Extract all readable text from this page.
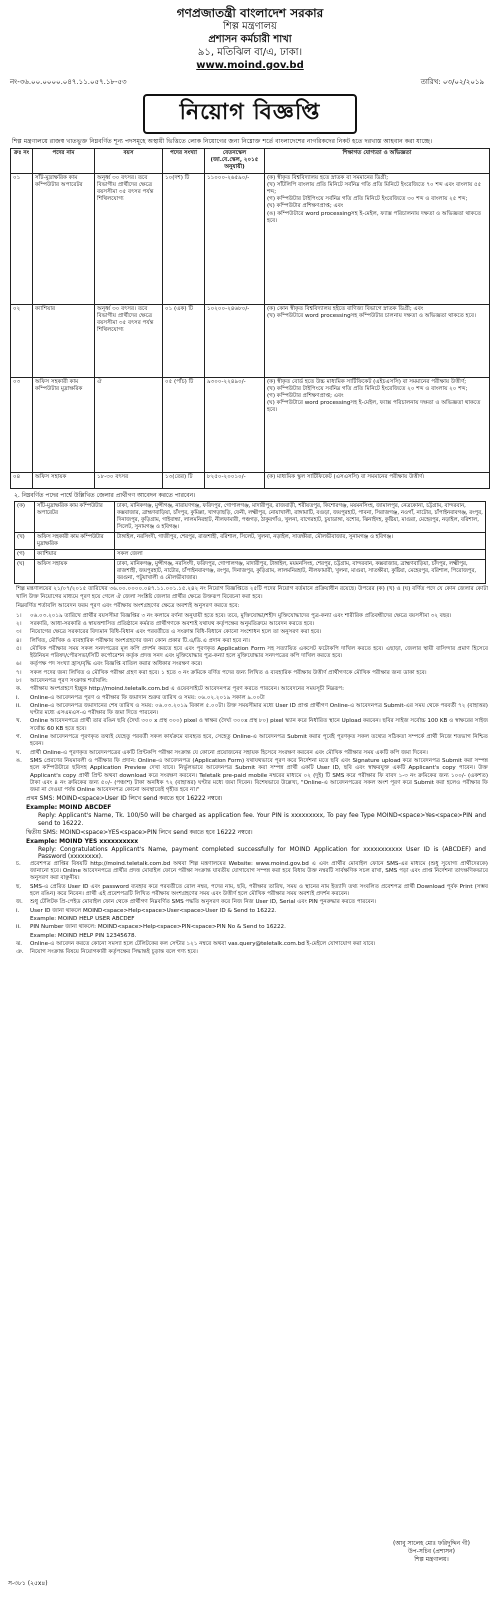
গণপ্রজাতন্ত্রী বাংলাদেশ সরকার
শিল্প মন্ত্রণালয়
প্রশাসন কর্মচারী শাখা
৯১, মতিঝিল বা/এ, ঢাকা।
www.moind.gov.bd
নং-৩৬.০০.০০০০.০৪৭.১১.০৫৭.১৮-৫৩	তারিখ: ০৩/০২/২০১৯
নিয়োগ বিজ্ঞপ্তি
শিল্প মন্ত্রণালয়ে রাজস্ব খাতভুক্ত নিম্নবর্ণিত শূন্য পদসমূহে অস্থায়ী ভিত্তিতে লোক নিয়োগের জন্য নিম্নোক্ত শর্তে বাংলাদেশের নাগরিকদের নিকট হতে দরখাস্ত আহবান করা যাচ্ছে।
ক্রঃ নং	পদের নাম	বয়স	পদের সংখ্যা	বেতনস্কেল (জা.বে.স্কেল, ২০১৫ অনুযায়ী)	শিক্ষাগত যোগ্যতা ও অভিজ্ঞতা
০১	সাঁট-মুদ্রাক্ষরিক কাম কম্পিউটার অপারেটর	অনূর্ধ্ব ৩০ বৎসর। তবে বিভাগীয় প্রার্থীদের ক্ষেত্রে বয়সসীমা ৩৫ বৎসর পর্যন্ত শিথিলযোগ্য	১০(দশ) টি	১১০০০-২৬৫৯০/-	(ক) স্বীকৃত বিশ্ববিদ্যালয় হতে স্নাতক বা সমমানের ডিগ্রী;
(খ) সাঁটলিপি বাংলায় প্রতি মিনিটে সর্বনিম্ন গতি প্রতি মিনিটে ইংরেজিতে ৭০ শব্দ এবং বাংলায় ৫৫ শব্দ;
(গ) কম্পিউটার টাইপিংয়ে সর্বনিম্ন গতি প্রতি মিনিটে ইংরেজিতে ৩০ শব্দ ও বাংলায় ২৫ শব্দ;
(ঘ) কম্পিউটার প্রশিক্ষণপ্রাপ্ত; এবং
(ঙ) কম্পিউটারে word processingসহ ই-মেইল, ফ্যাক্স পরিচালনায় দক্ষতা ও অভিজ্ঞতা থাকতে হবে।
০২	ক্যাশিয়ার	অনূর্ধ্ব ৩০ বৎসর। তবে বিভাগীয় প্রার্থীদের ক্ষেত্রে বয়সসীমা ৩৫ বৎসর পর্যন্ত শিথিলযোগ্য	০১ (এক) টি	১০২০০-২৪৬৮০/-	(ক) কোন স্বীকৃত বিশ্ববিদ্যালয় হইতে বাণিজ্য বিভাগে স্নাতক ডিগ্রী; এবং
(খ) কম্পিউটারে word processingসহ কম্পিউটার চালনায় দক্ষতা ও অভিজ্ঞতা থাকতে হবে।
০৩	অফিস সহকারী কাম কম্পিউটার মুদ্রাক্ষরিক	ঐ	০৫ (পাঁচ) টি	৯৩০০-২২৪৯০/-	(ক) স্বীকৃত বোর্ড হতে উচ্চ মাধ্যমিক সার্টিফিকেট (এইচএসসি) বা সমমানের পরীক্ষায় উত্তীর্ণ;
(খ) কম্পিউটার টাইপিংয়ে সর্বনিম্ন গতি প্রতি মিনিটে ইংরেজিতে ২০ শব্দ ও বাংলায় ২০ শব্দ;
(গ) কম্পিউটার প্রশিক্ষণপ্রাপ্ত; এবং
(ঘ) কম্পিউটারে word processingসহ ই-মেইল, ফ্যাক্স পরিচালনায় দক্ষতা ও অভিজ্ঞতা থাকতে হবে।
০৪	অফিস সহায়ক	১৮-৩০ বৎসর	১৩(তের) টি	৮২৫০-২০০১০/-	(ক) মাধ্যমিক স্কুল সার্টিফিকেট (এসএসসি) বা সমমানের পরীক্ষায় উত্তীর্ণ।
২. নিম্নবর্ণিত পদের পার্শ্বে উল্লিখিত জেলার প্রার্থীগণ আবেদন করতে পারবেন।
(ক)	সাঁট-মুদ্রাক্ষরিক কাম কম্পিউটার অপারেটর	ঢাকা, মানিকগঞ্জ, মুন্সীগঞ্জ, নারায়ণগঞ্জ, ফরিদপুর, গোপালগঞ্জ, মাদারীপুর, রাজবাড়ী, শরীয়তপুর, কিশোরগঞ্জ, ময়মনসিংহ, জামালপুর, নেত্রকোনা, চট্টগ্রাম, বান্দরবান, কক্সবাজার, ব্রাহ্মণবাড়িয়া, চাঁদপুর, কুমিল্লা, খাগড়াছড়ি, ফেনী, লক্ষ্মীপুর, নোয়াখালী, রাঙ্গামাটি, বগুড়া, জয়পুরহাট, পাবনা, সিরাজগঞ্জ, নওগাঁ, নাটোর, চাঁপাইনবাবগঞ্জ, রংপুর, দিনাজপুর, কুড়িগ্রাম, গাইবান্ধা, লালমনিরহাট, নীলফামারী, পঞ্চগড়, ঠাকুরগাঁও, খুলনা, বাগেরহাট, চুয়াডাঙ্গা, যশোর, ঝিনাইদহ, কুষ্টিয়া, মাগুরা, মেহেরপুর, নড়াইল, বরিশাল, সিলেট, সুনামগঞ্জ ও হবিগঞ্জ।
(খ)	অফিস সহকারী কাম কম্পিউটার মুদ্রাক্ষরিক	টাঙ্গাইল, নরসিংদী, গাজীপুর, শেরপুর, রাজশাহী, বরিশাল, সিলেট, খুলনা, নড়াইল, সাতক্ষীরা, মৌলভীবাজার, সুনামগঞ্জ ও হবিগঞ্জ।
(গ)	ক্যাশিয়ার	সকল জেলা
(ঘ)	অফিস সহায়ক	ঢাকা, মানিকগঞ্জ, মুন্সীগঞ্জ, নরসিংদী, ফরিদপুর, গোপালগঞ্জ, মাদারীপুর, টাঙ্গাইল, ময়মনসিংহ, শেরপুর, চট্টগ্রাম, বান্দরবান, কক্সবাজার, ব্রাহ্মণবাড়িয়া, চাঁদপুর, লক্ষ্মীপুর, রাজশাহী, জয়পুরহাট, নাটোর, চাঁপাইনবাবগঞ্জ, রংপুর, দিনাজপুর, কুড়িগ্রাম, লালমনিরহাট, নীলফামারী, খুলনা, মাগুরা, সাতক্ষীরা, কুষ্টিয়া, মেহেরপুর, বরিশাল, পিরোজপুর, বরগুনা, পটুয়াখালী ও মৌলভীবাজার।
শিল্প মন্ত্রণালয়ের ২১/০৭/২০১৫ তারিখের ৩৬.০০.০০০০.০৪৭.১১.০০১.১৫.২৪২ নং নিয়োগ বিজ্ঞপ্তিতে ২৫টি পদের নিয়োগ বর্তমানে প্রক্রিয়াধীন রয়েছে। উপরের (ক) (খ) ও (ঘ) বর্ণিত পদে যে কোন জেলার কোটা খালি উক্ত নিয়োগের মাধ্যমে পূরণ হয়ে গেলে ঐ জেলা সংশ্লিষ্ট জেলার প্রার্থীর ক্ষেত্রে উক্তরূপ বিবেচনা করা হবে।
নিম্নবর্ণিত শর্তাবলি আবেদন ফরম পূরণ এবং পরীক্ষায় অংশগ্রহণের ক্ষেত্রে অবশ্যই অনুসরণ করতে হবে:
১।	০৬.০৩.২০১৯ তারিখে প্রার্থীর বয়সসীমা বিজ্ঞপ্তির ৩ নং কলামে বর্ণনা অনুযায়ী হতে হবে। তবে, মুক্তিযোদ্ধা/শহীদ মুক্তিযোদ্ধাদের পুত্র-কন্যা এবং শারীরিক প্রতিবন্ধীদের ক্ষেত্রে বয়সসীমা ৩২ বছর।
২।	সরকারি, আধা-সরকারি ও স্বায়ত্তশাসিত প্রতিষ্ঠানে কর্মরত প্রার্থীগণকে অবশ্যই যথাযথ কর্তৃপক্ষের অনুমতিক্রমে আবেদন করতে হবে।
৩।	নিয়োগের ক্ষেত্রে সরকারের বিদ্যমান বিধি-বিধান এবং পরবর্তীতে এ সংক্রান্ত বিধি-বিধানে কোনো সংশোধন হলে তা অনুসরণ করা হবে।
৪।	লিখিত, মৌখিক ও ব্যবহারিক পরীক্ষায় অংশগ্রহণের জন্য কোন প্রকার টি.এ/ডি.এ প্রদান করা হবে না।
৫।	মৌখিক পরীক্ষার সময় সকল সনদপত্রের মূল কপি প্রদর্শন করতে হবে এবং পূরণকৃত Application Form সহ সত্যায়িত একসেট ফটোকপি দাখিল করতে হবে। এছাড়া, জেলার স্থায়ী বাসিন্দার প্রমাণ হিসেবে ইউনিয়ন পরিষদ/পৌরসভা/সিটি কর্পোরেশন কর্তৃক প্রদত্ত সনদ এবং মুক্তিযোদ্ধার পুত্র-কন্যা হলে মুক্তিযোদ্ধার সনদপত্রের কপি দাখিল করতে হবে।
৬।	কর্তৃপক্ষ পদ সংখ্যা হ্রাস/বৃদ্ধি এবং বিজ্ঞপ্তি বাতিল করার অধিকার সংরক্ষণ করে।
৭।	সকল পদের জন্য লিখিত ও মৌখিক পরীক্ষা গ্রহণ করা হবে। ১ হতে ৩ নং ক্রমিকে বর্ণিত পদের জন্য লিখিত ও ব্যবহারিক পরীক্ষায় উত্তীর্ণ প্রার্থীগণকে মৌখিক পরীক্ষার জন্য ডাকা হবে।
৮।	আবেদনপত্র পূরণ সংক্রান্ত শর্তাবলি:
ক.	পরীক্ষায় অংশগ্রহণে ইচ্ছুক http://moind.teletalk.com.bd এ ওয়েবসাইটে আবেদনপত্র পূরণ করতে পারবেন। আবেদনের সময়সূচী নিম্নরূপ:
i.	Online-এ আবেদনপত্র পূরণ ও পরীক্ষার ফি জমাদান শুরুর তারিখ ও সময়: ০৬.০২.২০১৯ সকাল ৯.০০টা
ii.	Online-এ আবেদনপত্র জমাদানের শেষ তারিখ ও সময়: ০৬.০৩.২০১৯ বিকাল ৫.০০টা। উক্ত সময়সীমার মধ্যে User ID প্রাপ্ত প্রার্থীগণ Online-এ আবেদনপত্র Submit-এর সময় থেকে পরবর্তী ৭২ (বাহাত্তর) ঘণ্টার মধ্যে এসএমএস-এ পরীক্ষার ফি জমা দিতে পারবেন।
খ.	Online আবেদনপত্রে প্রার্থী তার রঙিন ছবি (দৈর্ঘ্য ৩০০ x প্রস্থ ৩০০) pixel ও স্বাক্ষর (দৈর্ঘ্য ৩০০x প্রস্থ ৮০) pixel স্ক্যান করে নির্ধারিত স্থানে Upload করবেন। ছবির সাইজ সর্বোচ্চ 100 KB ও স্বাক্ষরের সাইজ সর্বোচ্চ 60 KB হতে হবে।
গ.	Online আবেদনপত্রে পূরণকৃত তথ্যই যেহেতু পরবর্তী সকল কার্যক্রমে ব্যবহৃত হবে, সেহেতু Online-এ আবেদনপত্র Submit করার পূর্বেই পূরণকৃত সকল তথ্যের সঠিকতা সম্পর্কে প্রার্থী নিজে শতভাগ নিশ্চিত হবেন।
ঘ.	প্রার্থী Online-এ পূরণকৃত আবেদনপত্রের একটি প্রিন্টকপি পরীক্ষা সংক্রান্ত যে কোনো প্রয়োজনের সহায়ক হিসেবে সংরক্ষণ করবেন এবং মৌখিক পরীক্ষার সময় একটি কপি জমা দিবেন।
ঙ.	SMS প্রেরণের নিয়মাবলী ও পরীক্ষার ফি প্রদান: Online-এ আবেদনপত্র (Application Form) যথাযথভাবে পূরণ করে নির্দেশনা মতে ছবি এবং Signature upload করে আবেদনপত্র Submit করা সম্পন্ন হলে কম্পিউটারে ছবিসহ Application Preview দেখা যাবে। নির্ভুলভাবে আবেদনপত্র Submit করা সম্পন্ন প্রার্থী একটি User ID, ছবি এবং স্বাক্ষরযুক্ত একটি Applicant's copy পাবেন। উক্ত Applicant's copy প্রার্থী প্রিন্ট অথবা download করে সংরক্ষণ করবেন। Teletalk pre-paid mobile নম্বরের মাধ্যমে ০২ (দুই) টি SMS করে পরীক্ষার ফি বাবদ ১-৩ নং ক্রমিকের জন্য ১০০/- (একশত) টাকা এবং ৪ নং ক্রমিকের জন্য ৫০/- (পঞ্চাশ) টাকা অনধিক ৭২ (বাহাত্তর) ঘণ্টার মধ্যে জমা দিবেন। বিশেষভাবে উল্লেখ্য, "Online-এ আবেদনপত্রের সকল অংশ পূরণ করে Submit করা হলেও পরীক্ষার ফি জমা না দেওয়া পর্যন্ত Online আবেদনপত্র কোনো অবস্থাতেই গৃহীত হবে না।"
প্রথম SMS: MOIND<space>User ID লিখে send করতে হবে 16222 নম্বরে।
Example: MOIND ABCDEF
Reply: Applicant's Name, Tk. 100/50 will be charged as application fee. Your PIN is xxxxxxxxx, To pay fee Type MOIND<space>Yes<space>PIN and send to 16222.
দ্বিতীয় SMS: MOIND<space>YES<space>PIN লিখে send করতে হবে 16222 নম্বরে।
Example: MOIND YES xxxxxxxxxx
Reply: Congratulations Applicant's Name, payment completed successfully for MOIND Application for xxxxxxxxxxx User ID is (ABCDEF) and Password (xxxxxxxx).
চ.	প্রবেশপত্র প্রাপ্তির বিষয়টি http://moind.teletalk.com.bd অথবা শিল্প মন্ত্রণালয়ের Website: www.moind.gov.bd এ এবং প্রার্থীর মোবাইল ফোনে SMS-এর মাধ্যমে (শুধু সুযোগ্য প্রার্থীদেরকে) জানানো হবে। Online আবেদনপত্রে প্রার্থীর প্রদত্ত মোবাইল ফোনে পরীক্ষা সংক্রান্ত যাবতীয় যোগাযোগ সম্পন্ন করা হবে বিধায় উক্ত নম্বরটি সার্বক্ষণিক সচল রাখা, SMS পড়া এবং প্রাপ্ত নির্দেশনা তাৎক্ষণিকভাবে অনুসরণ করা বাঞ্ছনীয়।
ছ.	SMS-এ প্রেরিত User ID এবং password ব্যবহার করে পরবর্তীতে রোল নম্বর, পদের নাম, ছবি, পরীক্ষার তারিখ, সময় ও স্থানের নাম ইত্যাদি তথ্য সংবলিত প্রবেশপত্র প্রার্থী Download পূর্বক Print (সম্ভব হলে রঙিন) করে নিবেন। প্রার্থী এই প্রবেশপত্রটি লিখিত পরীক্ষায় অংশগ্রহণের সময় এবং উত্তীর্ণ হলে মৌখিক পরীক্ষার সময় অবশ্যই প্রদর্শন করবেন।
জ.	শুধু টেলিটক প্রি-পেইড মোবাইল ফোন থেকে প্রার্থীগণ নিম্নবর্ণিত SMS পদ্ধতি অনুসরণ করে নিজ নিজ User ID, Serial এবং PIN পুনরুদ্ধার করতে পারবেন।
i.	User ID জানা থাকলে MOIND<space>Help<space>User<space>User ID & Send to 16222.
Example: MOIND HELP USER ABCDEF
ii.	PIN Number জানা থাকলে: MOIND<space>Help<space>PIN<space>PIN No & Send to 16222.
Example: MOIND HELP PIN 12345678.
ঝ.	Online-এ আবেদন করতে কোনো সমস্যা হলে টেলিটকের কল সেন্টার ১২১ নম্বরে অথবা vas.query@teletalk.com.bd ই-মেইলে যোগাযোগ করা যাবে।
ঞ.	নিয়োগ সংক্রান্ত বিষয়ে নিয়োগকারী কর্তৃপক্ষের সিদ্ধান্তই চূড়ান্ত বলে গণ্য হবে।
(আবু সালেহ মোঃ ফরিদুদ্দিন গী)
উপ-সচিব (প্রশাসন)
শিল্প মন্ত্রণালয়।
স-৩৮১ (২৫x৪)
